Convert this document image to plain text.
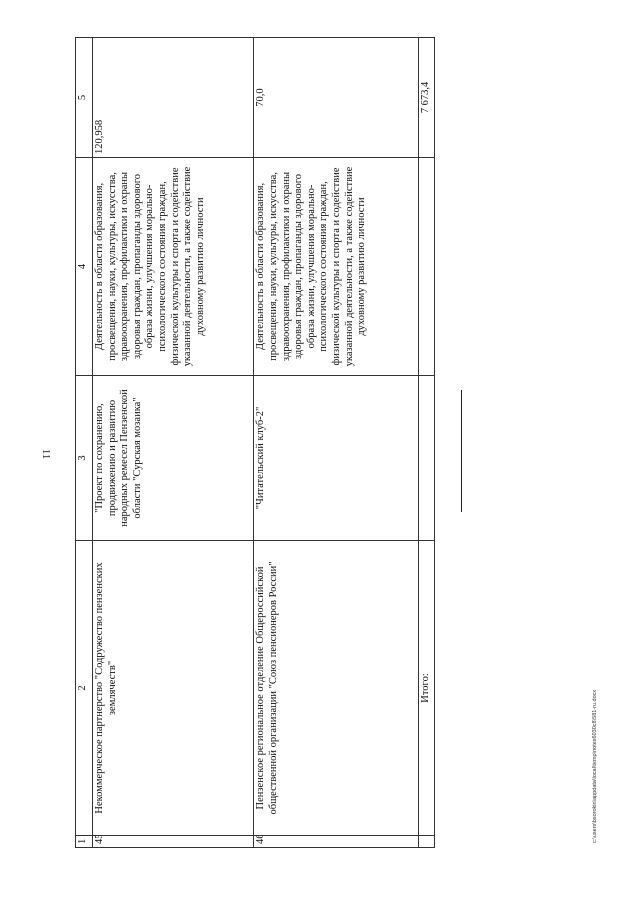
11
1	2	3	4	5
45.	Некоммерческое партнерство "Содружество пензенских землячеств"	"Проект по сохранению, продвижению и развитию народных ремесел Пензенской области "Сурская мозаика"	Деятельность в области образования, просвещения, науки, культуры, искусства, здравоохранения, профилактики и охраны здоровья граждан, пропаганды здорового образа жизни, улучшения морально-психологического состояния граждан, физической культуры и спорта и содействие указанной деятельности, а также содействие духовному развитию личности	120,958
46.	Пензенское региональное отделение Общероссийской общественной организации "Союз пенсионеров России"	"Читательский клуб-2"	Деятельность в области образования, просвещения, науки, культуры, искусства, здравоохранения, профилактики и охраны здоровья граждан, пропаганды здорового образа жизни, улучшения морально-психологического состояния граждан, физической культуры и спорта и содействие указанной деятельности, а также содействие духовному развитию личности	70,0
	Итого:			7 673,4
c:\users\bsorokin\appdata\local\temp\notes6030c8\581-ru.docx
